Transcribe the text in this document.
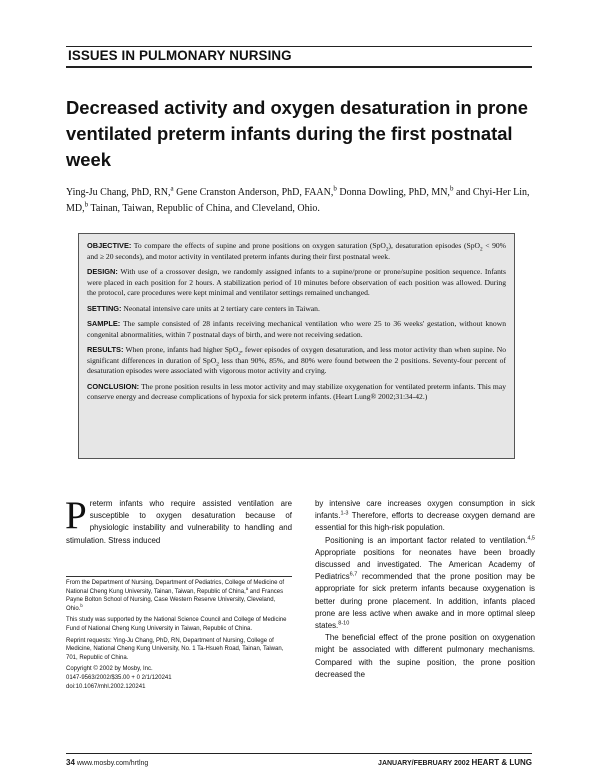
ISSUES IN PULMONARY NURSING
Decreased activity and oxygen desaturation in prone ventilated preterm infants during the first postnatal week
Ying-Ju Chang, PhD, RN,$^a$ Gene Cranston Anderson, PhD, FAAN,$^b$ Donna Dowling, PhD, MN,$^b$ and Chyi-Her Lin, MD,$^b$ Tainan, Taiwan, Republic of China, and Cleveland, Ohio.

OBJECTIVE: To compare the effects of supine and prone positions on oxygen saturation (SpO$_2$), desaturation episodes (SpO$_2$ < 90% and ≥ 20 seconds), and motor activity in ventilated preterm infants during their first postnatal week.

DESIGN: With use of a crossover design, we randomly assigned infants to a supine/prone or prone/supine position sequence. Infants were placed in each position for 2 hours. A stabilization period of 10 minutes before observation of each position was allowed. During the protocol, care procedures were kept minimal and ventilator settings remained unchanged.

SETTING: Neonatal intensive care units at 2 tertiary care centers in Taiwan.

SAMPLE: The sample consisted of 28 infants receiving mechanical ventilation who were 25 to 36 weeks' gestation, without known congenital abnormalities, within 7 postnatal days of birth, and were not receiving sedation.

RESULTS: When prone, infants had higher SpO$_2$, fewer episodes of oxygen desaturation, and less motor activity than when supine. No significant differences in duration of SpO$_2$ less than 90%, 85%, and 80% were found between the 2 positions. Seventy-four percent of desaturation episodes were associated with vigorous motor activity and crying.

CONCLUSION: The prone position results in less motor activity and may stabilize oxygenation for ventilated preterm infants. This may conserve energy and decrease complications of hypoxia for sick preterm infants. (Heart Lung® 2002;31:34-42.)

Preterm infants who require assisted ventilation are susceptible to oxygen desaturation because of physiologic instability and vulnerability to handling and stimulation. Stress induced

From the Department of Nursing, Department of Pediatrics, College of Medicine of National Cheng Kung University, Tainan, Taiwan, Republic of China,$^a$ and Frances Payne Bolton School of Nursing, Case Western Reserve University, Cleveland, Ohio.$^b$

This study was supported by the National Science Council and College of Medicine Fund of National Cheng Kung University in Taiwan, Republic of China.

Reprint requests: Ying-Ju Chang, PhD, RN, Department of Nursing, College of Medicine, National Cheng Kung University, No. 1 Ta-Hsueh Road, Tainan, Taiwan, 701, Republic of China.

Copyright © 2002 by Mosby, Inc.

0147-9563/2002/$35.00 + 0 2/1/120241

doi:10.1067/mhl.2002.120241

by intensive care increases oxygen consumption in sick infants.$^{1-3}$ Therefore, efforts to decrease oxygen demand are essential for this high-risk population.

Positioning is an important factor related to ventilation.$^{4,5}$ Appropriate positions for neonates have been broadly discussed and investigated. The American Academy of Pediatrics$^{6,7}$ recommended that the prone position may be appropriate for sick preterm infants because oxygenation is better during prone placement. In addition, infants placed prone are less active when awake and in more optimal sleep states.$^{8-10}$

The beneficial effect of the prone position on oxygenation might be associated with different pulmonary mechanisms. Compared with the supine position, the prone position decreased the

34 www.mosby.com/hrtlng	JANUARY/FEBRUARY 2002 HEART & LUNG
